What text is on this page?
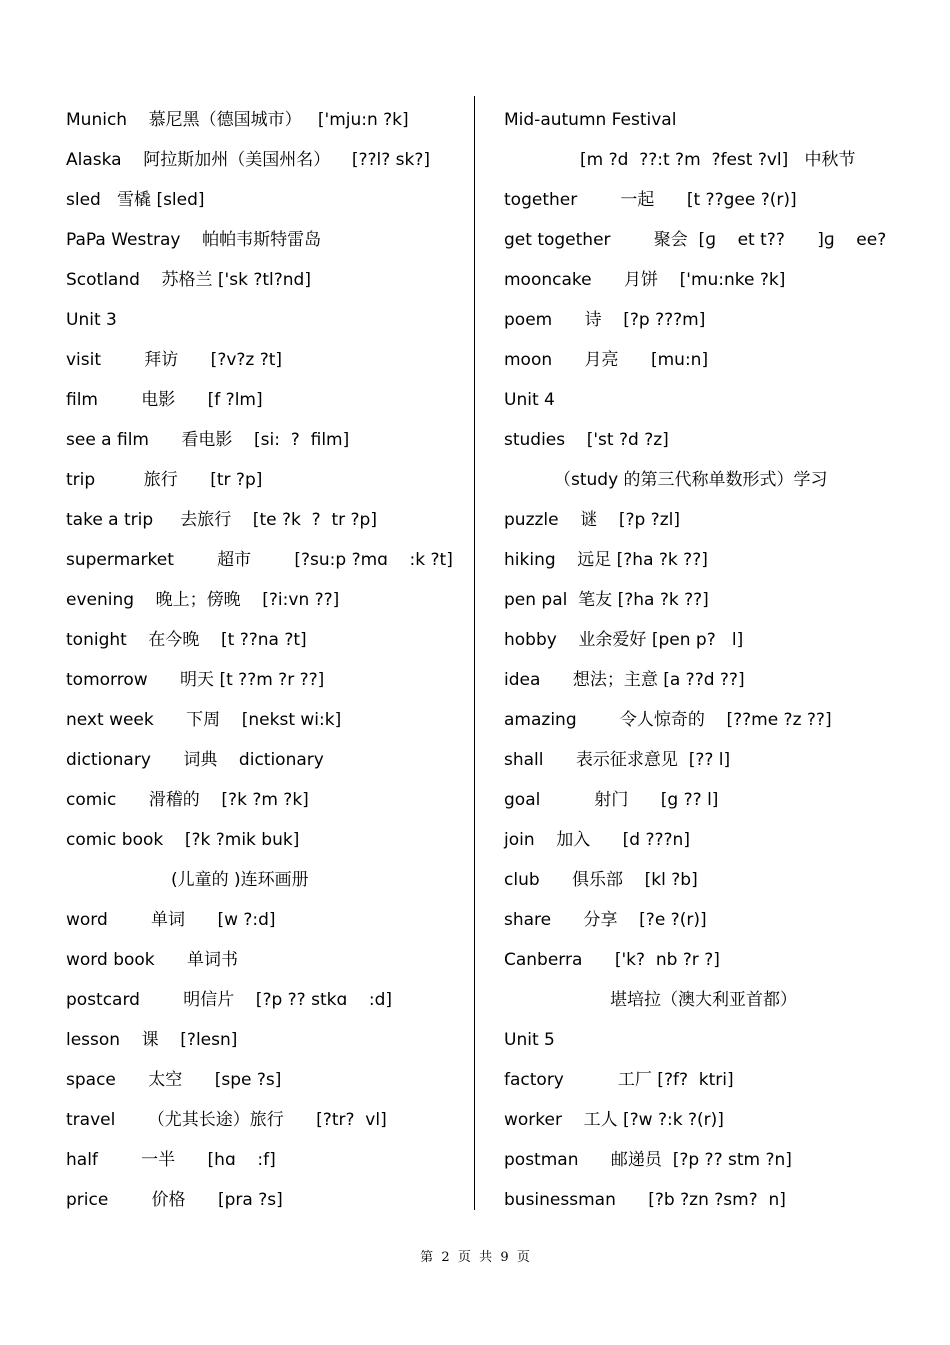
Munich    慕尼黑（德国城市）   ['mju:n ?k]
Alaska    阿拉斯加州（美国州名）    [??l? sk?]
sled   雪橇 [sled]
PaPa Westray    帕帕韦斯特雷岛
Scotland    苏格兰 ['sk ?tl?nd]
Unit 3
visit        拜访      [?v?z ?t]
film        电影      [f ?lm]
see a film      看电影    [si:  ?  film]
trip         旅行      [tr ?p]
take a trip     去旅行    [te ?k  ?  tr ?p]
supermarket        超市        [?su:p ?mɑ    :k ?t]
evening    晚上；傍晚    [?i:vn ??]
tonight    在今晚    [t ??na ?t]
tomorrow      明天 [t ??m ?r ??]
next week      下周    [nekst wi:k]
dictionary      词典    dictionary
comic      滑稽的    [?k ?m ?k]
comic book    [?k ?mik buk]
(儿童的 )连环画册
word        单词      [w ?:d]
word book      单词书
postcard        明信片    [?p ?? stkɑ    :d]
lesson    课    [?lesn]
space      太空      [spe ?s]
travel      （尤其长途）旅行      [?tr?  vl]
half        一半      [hɑ    :f]
price        价格      [pra ?s]
Mid-autumn Festival
[m ?d  ??:t ?m  ?fest ?vl]   中秋节
together        一起      [t ??gee ?(r)]
get together        聚会  [ɡ    et t??      ]ɡ    ee?
mooncake      月饼    ['mu:nke ?k]
poem      诗    [?p ???m]
moon      月亮      [mu:n]
Unit 4
studies    ['st ?d ?z]
（study 的第三代称单数形式）学习
puzzle    谜    [?p ?zl]
hiking    远足 [?ha ?k ??]
pen pal  笔友 [?ha ?k ??]
hobby    业余爱好 [pen p?   l]
idea      想法；主意 [a ??d ??]
amazing        令人惊奇的    [??me ?z ??]
shall      表示征求意见  [?? l]
goal          射门      [g ?? l]
join    加入      [d ???n]
club      俱乐部    [kl ?b]
share      分享    [?e ?(r)]
Canberra      ['k?  nb ?r ?]
堪培拉（澳大利亚首都）
Unit 5
factory          工厂 [?f?  ktri]
worker    工人 [?w ?:k ?(r)]
postman      邮递员  [?p ?? stm ?n]
businessman      [?b ?zn ?sm?  n]
第  2  页  共  9  页
